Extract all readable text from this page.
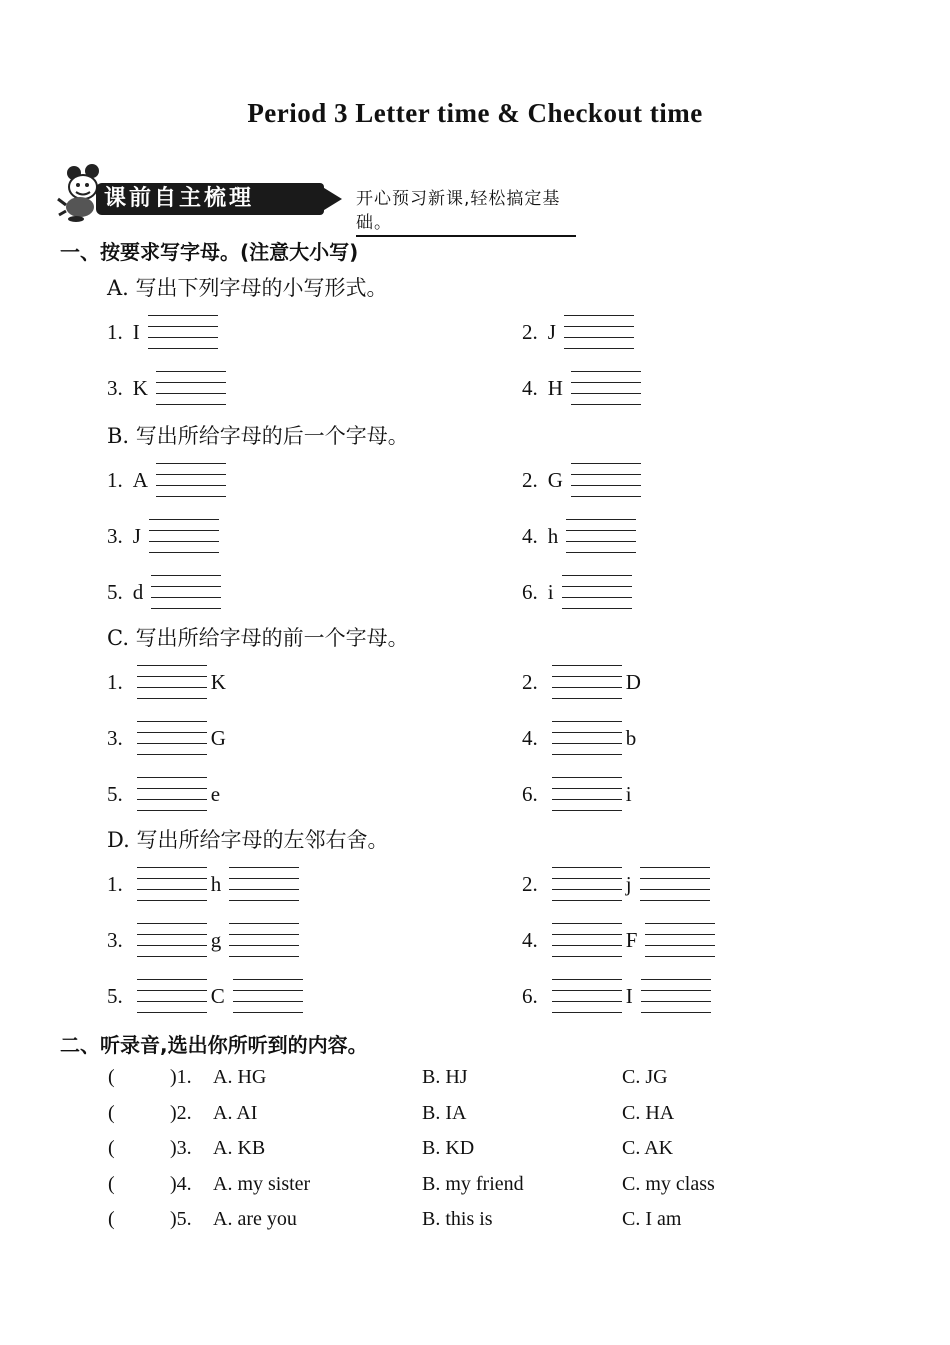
Period 3 Letter time & Checkout time
课前自主梳理	开心预习新课,轻松搞定基础。
一、按要求写字母。(注意大小写)
A. 写出下列字母的小写形式。
1. I	2. J
3. K	4. H
B. 写出所给字母的后一个字母。
1. A	2. G
3. J	4. h
5. d	6. i
C. 写出所给字母的前一个字母。
1.	K	2.	D
3.	G	4.	b
5.	e	6.	i
D. 写出所给字母的左邻右舍。
1.	h	2.	j
3.	g	4.	F
5.	C	6.	I
二、听录音,选出你所听到的内容。
(	)1. A. HG	B. HJ	C. JG
(	)2. A. AI	B. IA	C. HA
(	)3. A. KB	B. KD	C. AK
(	)4. A. my sister	B. my friend	C. my class
(	)5. A. are you	B. this is	C. I am
